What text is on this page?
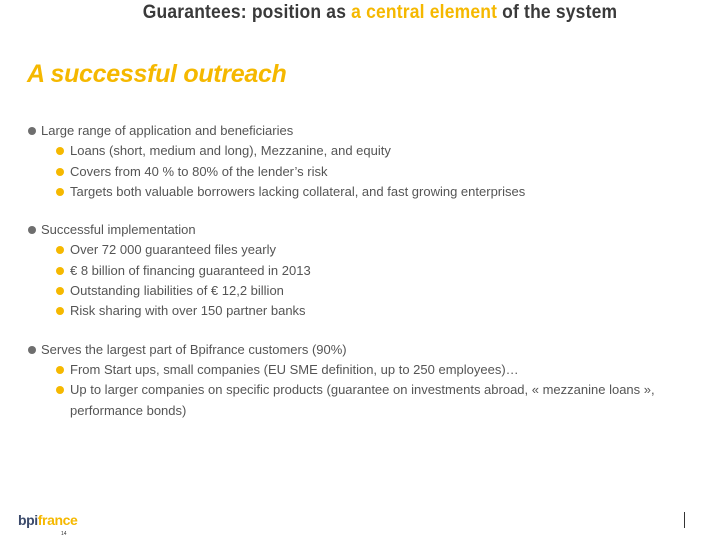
Guarantees: position as a central element of the system
A successful outreach
Large range of application and beneficiaries
Loans (short, medium and long), Mezzanine, and equity
Covers from 40 % to 80% of the lender’s risk
Targets both valuable borrowers lacking collateral, and fast growing enterprises
Successful implementation
Over 72 000 guaranteed files yearly
€ 8 billion of financing guaranteed in 2013
Outstanding liabilities of € 12,2 billion
Risk sharing with over 150 partner banks
Serves the largest part of Bpifrance customers (90%)
From Start ups, small companies (EU SME definition, up to 250 employees)…
Up to larger companies on specific products (guarantee on investments abroad, « mezzanine loans », performance bonds)
bpifrance
14
